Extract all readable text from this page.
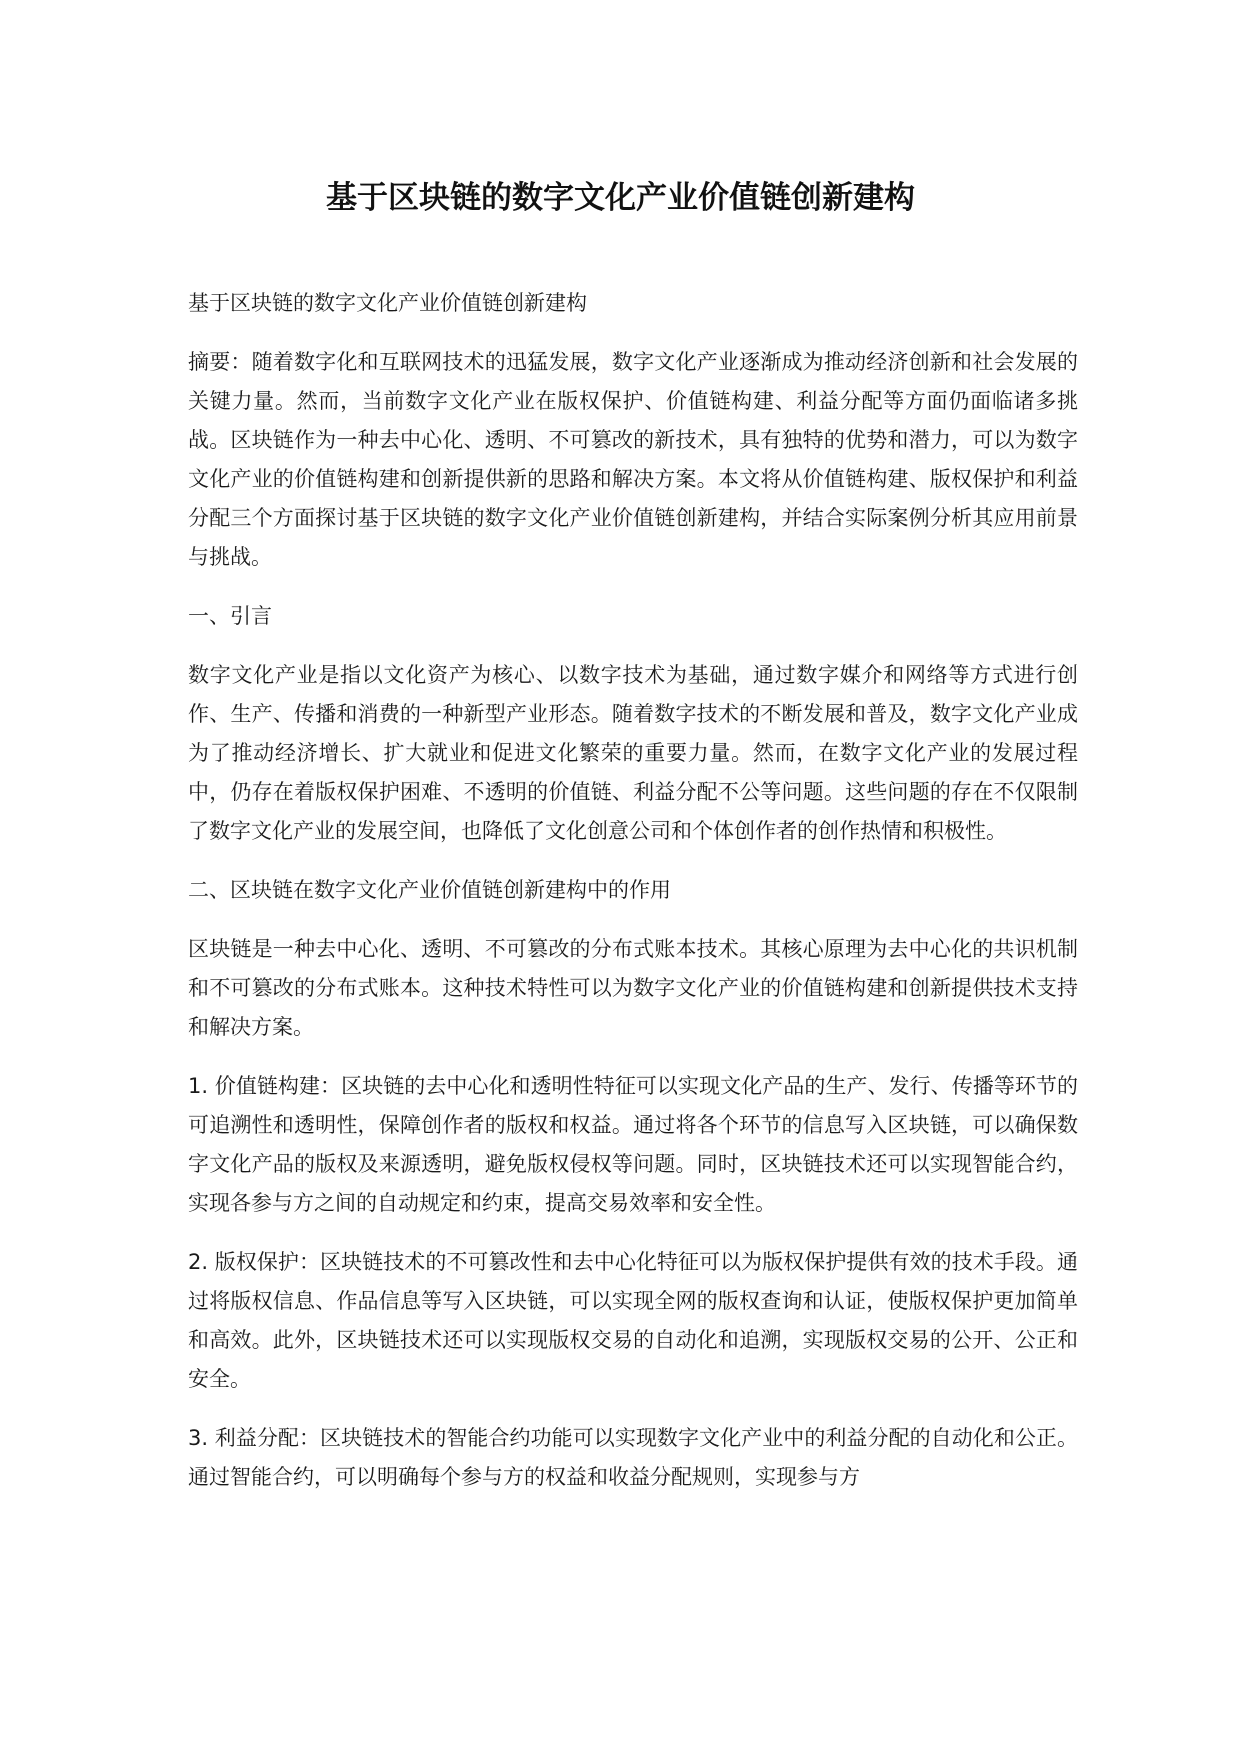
基于区块链的数字文化产业价值链创新建构

基于区块链的数字文化产业价值链创新建构

摘要：随着数字化和互联网技术的迅猛发展，数字文化产业逐渐成为推动经济创新和社会发展的关键力量。然而，当前数字文化产业在版权保护、价值链构建、利益分配等方面仍面临诸多挑战。区块链作为一种去中心化、透明、不可篡改的新技术，具有独特的优势和潜力，可以为数字文化产业的价值链构建和创新提供新的思路和解决方案。本文将从价值链构建、版权保护和利益分配三个方面探讨基于区块链的数字文化产业价值链创新建构，并结合实际案例分析其应用前景与挑战。

一、引言

数字文化产业是指以文化资产为核心、以数字技术为基础，通过数字媒介和网络等方式进行创作、生产、传播和消费的一种新型产业形态。随着数字技术的不断发展和普及，数字文化产业成为了推动经济增长、扩大就业和促进文化繁荣的重要力量。然而，在数字文化产业的发展过程中，仍存在着版权保护困难、不透明的价值链、利益分配不公等问题。这些问题的存在不仅限制了数字文化产业的发展空间，也降低了文化创意公司和个体创作者的创作热情和积极性。

二、区块链在数字文化产业价值链创新建构中的作用

区块链是一种去中心化、透明、不可篡改的分布式账本技术。其核心原理为去中心化的共识机制和不可篡改的分布式账本。这种技术特性可以为数字文化产业的价值链构建和创新提供技术支持和解决方案。

1. 价值链构建：区块链的去中心化和透明性特征可以实现文化产品的生产、发行、传播等环节的可追溯性和透明性，保障创作者的版权和权益。通过将各个环节的信息写入区块链，可以确保数字文化产品的版权及来源透明，避免版权侵权等问题。同时，区块链技术还可以实现智能合约，实现各参与方之间的自动规定和约束，提高交易效率和安全性。

2. 版权保护：区块链技术的不可篡改性和去中心化特征可以为版权保护提供有效的技术手段。通过将版权信息、作品信息等写入区块链，可以实现全网的版权查询和认证，使版权保护更加简单和高效。此外，区块链技术还可以实现版权交易的自动化和追溯，实现版权交易的公开、公正和安全。

3. 利益分配：区块链技术的智能合约功能可以实现数字文化产业中的利益分配的自动化和公正。通过智能合约，可以明确每个参与方的权益和收益分配规则，实现参与方
